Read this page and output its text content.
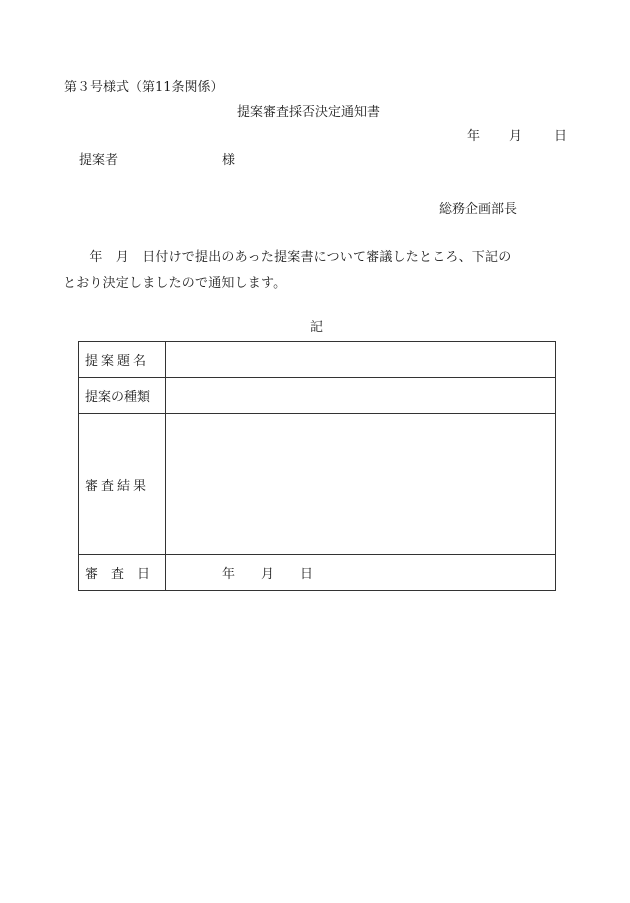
第３号様式（第11条関係）
提案審査採否決定通知書
年 月 日
提案者	様
総務企画部長
　　年　月　日付けで提出のあった提案書について審議したところ、下記の
とおり決定しましたので通知します。
記
提案題名	
提案の種類	
審査結果	
審　査　日	年　　月　　日
